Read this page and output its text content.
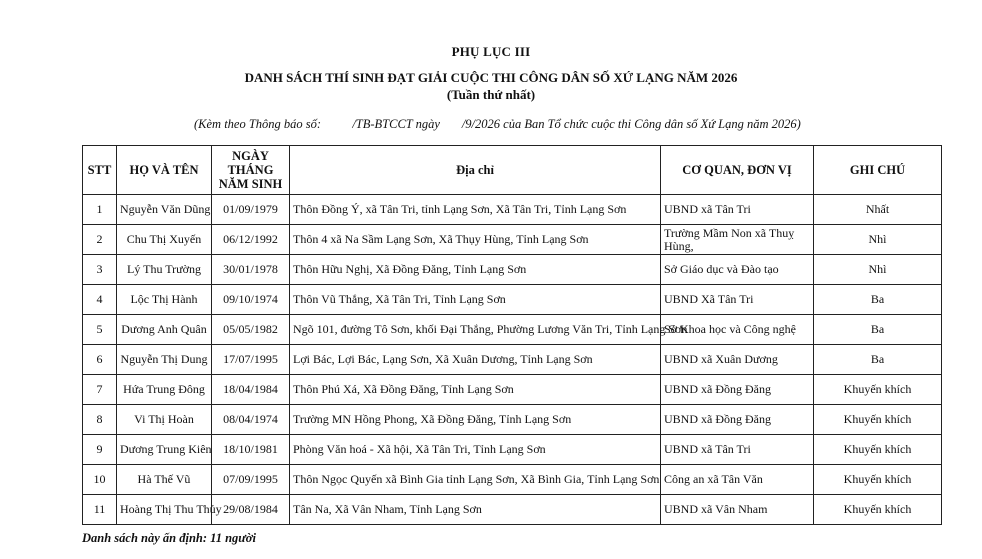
PHỤ LỤC III
DANH SÁCH THÍ SINH ĐẠT GIẢI CUỘC THI CÔNG DÂN SỐ XỨ LẠNG NĂM 2026
(Tuần thứ nhất)
(Kèm theo Thông báo số:          /TB-BTCCT ngày       /9/2026 của Ban Tổ chức cuộc thi Công dân số Xứ Lạng năm 2026)
STT	HỌ VÀ TÊN	NGÀY THÁNG NĂM SINH	Địa chỉ	CƠ QUAN, ĐƠN VỊ	GHI CHÚ
1	Nguyễn Văn Dũng	01/09/1979	Thôn Đồng Ý, xã Tân Tri, tỉnh Lạng Sơn, Xã Tân Tri, Tỉnh Lạng Sơn	UBND xã Tân Tri	Nhất
2	Chu Thị Xuyến	06/12/1992	Thôn 4 xã Na Sầm Lạng Sơn, Xã Thụy Hùng, Tỉnh Lạng Sơn	Trường Mầm Non xã Thuỵ Hùng,	Nhì
3	Lý Thu Trường	30/01/1978	Thôn Hữu Nghị, Xã Đồng Đăng, Tỉnh Lạng Sơn	Sở Giáo dục và Đào tạo	Nhì
4	Lộc Thị Hành	09/10/1974	Thôn Vũ Thắng, Xã Tân Tri, Tỉnh Lạng Sơn	UBND Xã Tân Tri	Ba
5	Dương Anh Quân	05/05/1982	Ngõ 101, đường Tô Sơn, khối Đại Thắng, Phường Lương Văn Tri, Tỉnh Lạng Sơn	Sở Khoa học và Công nghệ	Ba
6	Nguyễn Thị Dung	17/07/1995	Lợi Bác, Lợi Bác, Lạng Sơn, Xã Xuân Dương, Tỉnh Lạng Sơn	UBND xã Xuân Dương	Ba
7	Hứa Trung Đông	18/04/1984	Thôn Phú Xá, Xã Đồng Đăng, Tỉnh Lạng Sơn	UBND xã Đồng Đăng	Khuyến khích
8	Vi Thị Hoàn	08/04/1974	Trường MN Hồng Phong, Xã Đồng Đăng, Tỉnh Lạng Sơn	UBND xã Đồng Đăng	Khuyến khích
9	Dương Trung Kiên	18/10/1981	Phòng Văn hoá - Xã hội, Xã Tân Tri, Tỉnh Lạng Sơn	UBND xã Tân Tri	Khuyến khích
10	Hà Thế Vũ	07/09/1995	Thôn Ngọc Quyến xã Bình Gia tỉnh Lạng Sơn, Xã Bình Gia, Tỉnh Lạng Sơn	Công an xã Tân Văn	Khuyến khích
11	Hoàng Thị Thu Thủy	29/08/1984	Tân Na, Xã Vân Nham, Tỉnh Lạng Sơn	UBND xã Vân Nham	Khuyến khích
Danh sách này ấn định: 11 người
